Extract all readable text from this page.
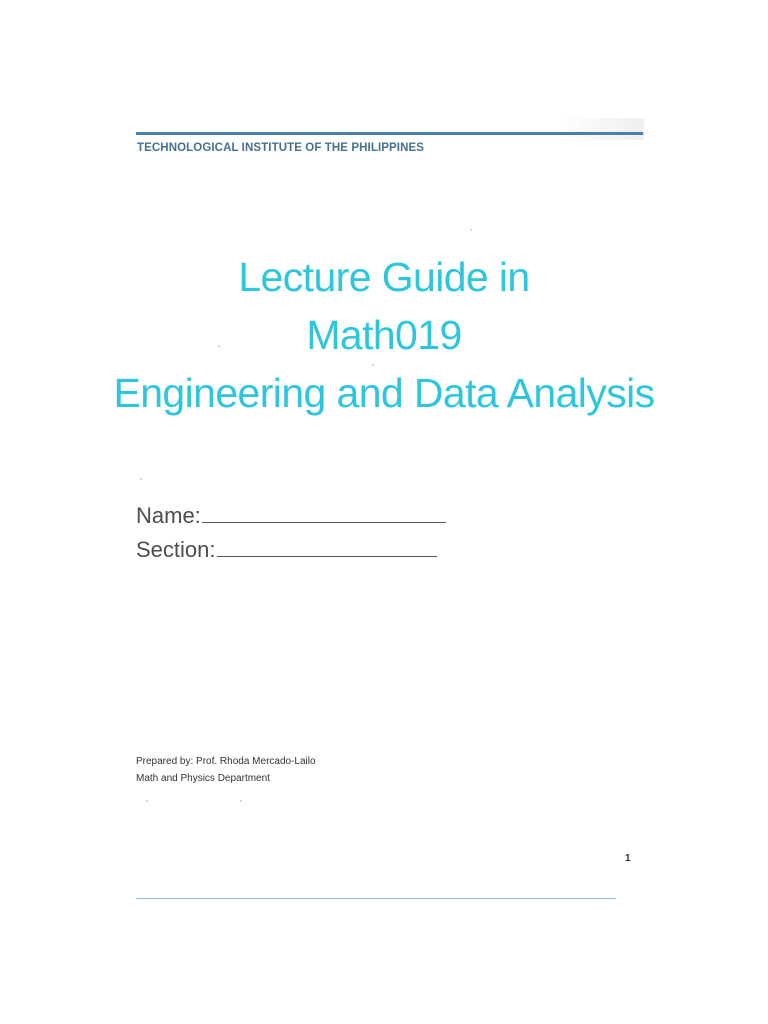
TECHNOLOGICAL INSTITUTE OF THE PHILIPPINES
Lecture Guide in
Math019
Engineering and Data Analysis
Name:
Section:
Prepared by: Prof. Rhoda Mercado-Lailo
Math and Physics Department
1
